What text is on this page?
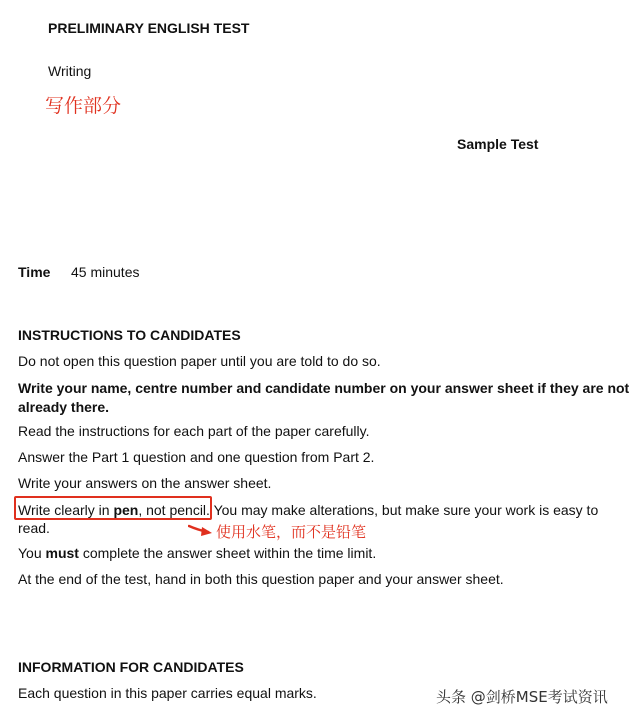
PRELIMINARY ENGLISH TEST
Writing
写作部分
Sample Test
Time 45 minutes
INSTRUCTIONS TO CANDIDATES
Do not open this question paper until you are told to do so.
Write your name, centre number and candidate number on your answer sheet if they are not already there.
Read the instructions for each part of the paper carefully.
Answer the Part 1 question and one question from Part 2.
Write your answers on the answer sheet.
Write clearly in pen, not pencil. You may make alterations, but make sure your work is easy to read.	使用水笔，而不是铅笔
You must complete the answer sheet within the time limit.
At the end of the test, hand in both this question paper and your answer sheet.
INFORMATION FOR CANDIDATES
Each question in this paper carries equal marks.	头条 @剑桥MSE考试资讯
